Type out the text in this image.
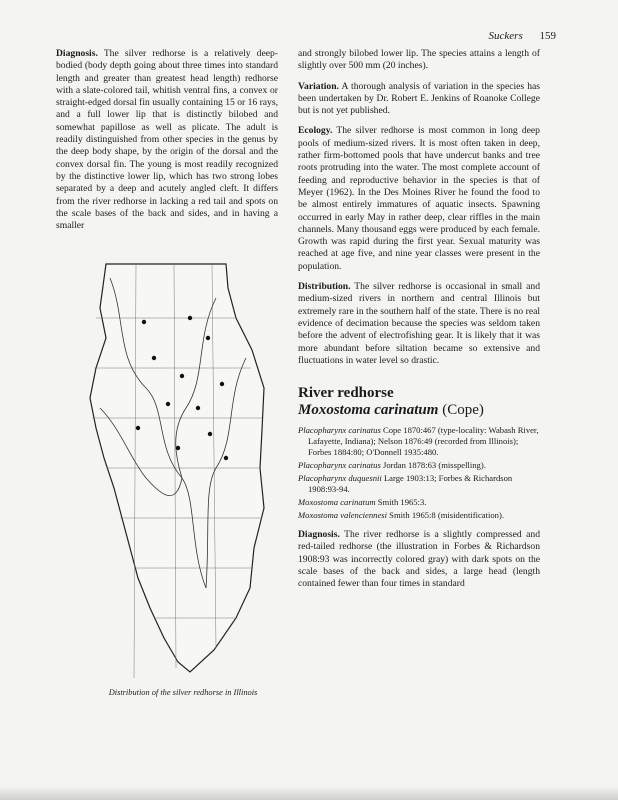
Suckers 159

Diagnosis. The silver redhorse is a relatively deep-bodied (body depth going about three times into standard length and greater than greatest head length) redhorse with a slate-colored tail, whitish ventral fins, a convex or straight-edged dorsal fin usually containing 15 or 16 rays, and a full lower lip that is distinctly bilobed and somewhat papillose as well as plicate. The adult is readily distinguished from other species in the genus by the deep body shape, by the origin of the dorsal and the convex dorsal fin. The young is most readily recognized by the distinctive lower lip, which has two strong lobes separated by a deep and acutely angled cleft. It differs from the river redhorse in lacking a red tail and spots on the scale bases of the back and sides, and in having a smaller

Distribution of the silver redhorse in Illinois

and strongly bilobed lower lip. The species attains a length of slightly over 500 mm (20 inches).

Variation. A thorough analysis of variation in the species has been undertaken by Dr. Robert E. Jenkins of Roanoke College but is not yet published.

Ecology. The silver redhorse is most common in long deep pools of medium-sized rivers. It is most often taken in deep, rather firm-bottomed pools that have undercut banks and tree roots protruding into the water. The most complete account of feeding and reproductive behavior in the species is that of Meyer (1962). In the Des Moines River he found the food to be almost entirely immatures of aquatic insects. Spawning occurred in early May in rather deep, clear riffles in the main channels. Many thousand eggs were produced by each female. Growth was rapid during the first year. Sexual maturity was reached at age five, and nine year classes were present in the population.

Distribution. The silver redhorse is occasional in small and medium-sized rivers in northern and central Illinois but extremely rare in the southern half of the state. There is no real evidence of decimation because the species was seldom taken before the advent of electrofishing gear. It is likely that it was more abundant before siltation became so extensive and fluctuations in water level so drastic.

River redhorse
Moxostoma carinatum (Cope)

Placopharynx carinatus Cope 1870:467 (type-locality: Wabash River, Lafayette, Indiana); Nelson 1876:49 (recorded from Illinois); Forbes 1884:80; O'Donnell 1935:480.

Placopharynx carinatus Jordan 1878:63 (misspelling).

Placopharynx duquesnii Large 1903:13; Forbes & Richardson 1908:93-94.

Moxostoma carinatum Smith 1965:3.

Moxostoma valenciennesi Smith 1965:8 (misidentification).

Diagnosis. The river redhorse is a slightly compressed and red-tailed redhorse (the illustration in Forbes & Richardson 1908:93 was incorrectly colored gray) with dark spots on the scale bases of the back and sides, a large head (length contained fewer than four times in standard
